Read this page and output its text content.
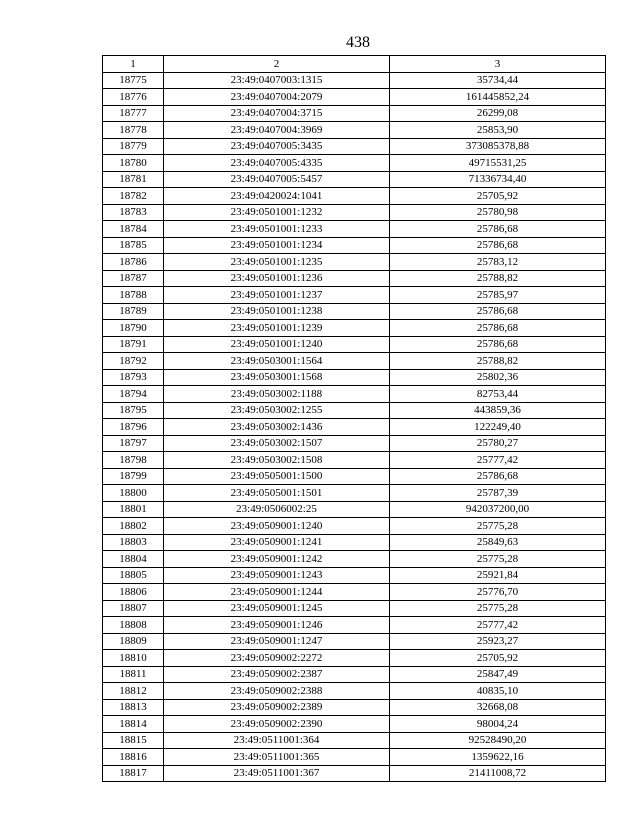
438
1	2	3
18775	23:49:0407003:1315	35734,44
18776	23:49:0407004:2079	161445852,24
18777	23:49:0407004:3715	26299,08
18778	23:49:0407004:3969	25853,90
18779	23:49:0407005:3435	373085378,88
18780	23:49:0407005:4335	49715531,25
18781	23:49:0407005:5457	71336734,40
18782	23:49:0420024:1041	25705,92
18783	23:49:0501001:1232	25780,98
18784	23:49:0501001:1233	25786,68
18785	23:49:0501001:1234	25786,68
18786	23:49:0501001:1235	25783,12
18787	23:49:0501001:1236	25788,82
18788	23:49:0501001:1237	25785,97
18789	23:49:0501001:1238	25786,68
18790	23:49:0501001:1239	25786,68
18791	23:49:0501001:1240	25786,68
18792	23:49:0503001:1564	25788,82
18793	23:49:0503001:1568	25802,36
18794	23:49:0503002:1188	82753,44
18795	23:49:0503002:1255	443859,36
18796	23:49:0503002:1436	122249,40
18797	23:49:0503002:1507	25780,27
18798	23:49:0503002:1508	25777,42
18799	23:49:0505001:1500	25786,68
18800	23:49:0505001:1501	25787,39
18801	23:49:0506002:25	942037200,00
18802	23:49:0509001:1240	25775,28
18803	23:49:0509001:1241	25849,63
18804	23:49:0509001:1242	25775,28
18805	23:49:0509001:1243	25921,84
18806	23:49:0509001:1244	25776,70
18807	23:49:0509001:1245	25775,28
18808	23:49:0509001:1246	25777,42
18809	23:49:0509001:1247	25923,27
18810	23:49:0509002:2272	25705,92
18811	23:49:0509002:2387	25847,49
18812	23:49:0509002:2388	40835,10
18813	23:49:0509002:2389	32668,08
18814	23:49:0509002:2390	98004,24
18815	23:49:0511001:364	92528490,20
18816	23:49:0511001:365	1359622,16
18817	23:49:0511001:367	21411008,72
